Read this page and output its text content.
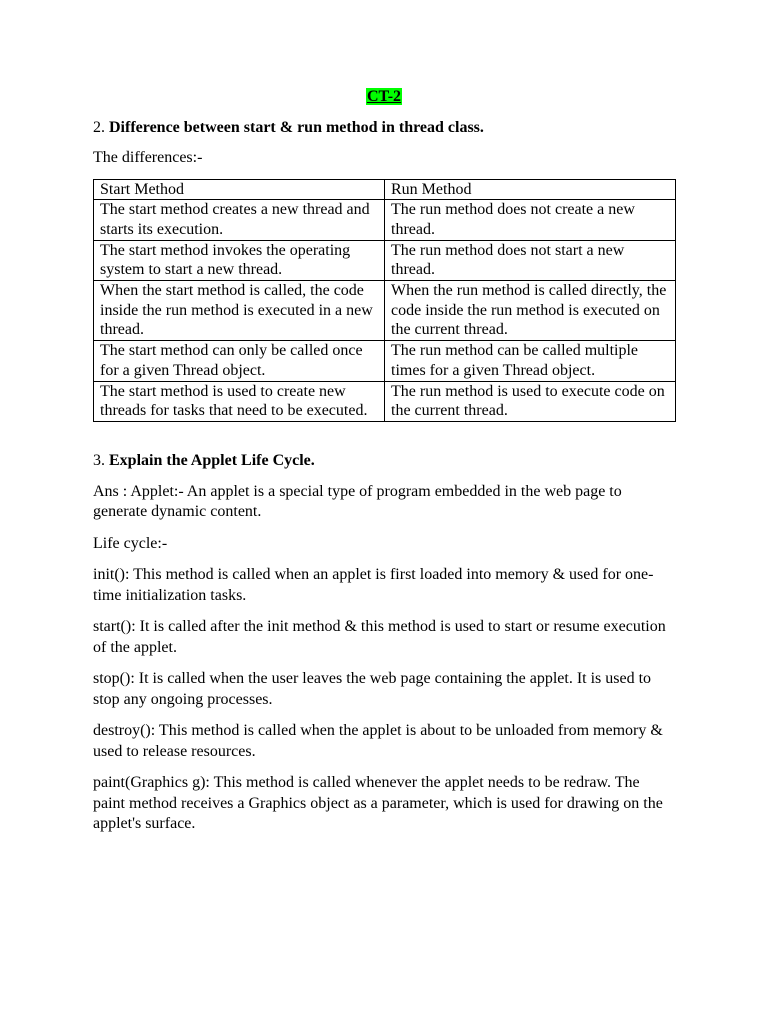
CT-2

2. Difference between start & run method in thread class.

The differences:-

Start Method	Run Method
The start method creates a new thread and starts its execution.	The run method does not create a new thread.
The start method invokes the operating system to start a new thread.	The run method does not start a new thread.
When the start method is called, the code inside the run method is executed in a new thread.	When the run method is called directly, the code inside the run method is executed on the current thread.
The start method can only be called once for a given Thread object.	The run method can be called multiple times for a given Thread object.
The start method is used to create new threads for tasks that need to be executed.	The run method is used to execute code on the current thread.

3. Explain the Applet Life Cycle.

Ans : Applet:- An applet is a special type of program embedded in the web page to generate dynamic content.

Life cycle:-

init(): This method is called when an applet is first loaded into memory & used for one-time initialization tasks.

start(): It is called after the init method & this method is used to start or resume execution of the applet.

stop(): It is called when the user leaves the web page containing the applet. It is used to stop any ongoing processes.

destroy(): This method is called when the applet is about to be unloaded from memory & used to release resources.

paint(Graphics g): This method is called whenever the applet needs to be redraw. The paint method receives a Graphics object as a parameter, which is used for drawing on the applet's surface.
